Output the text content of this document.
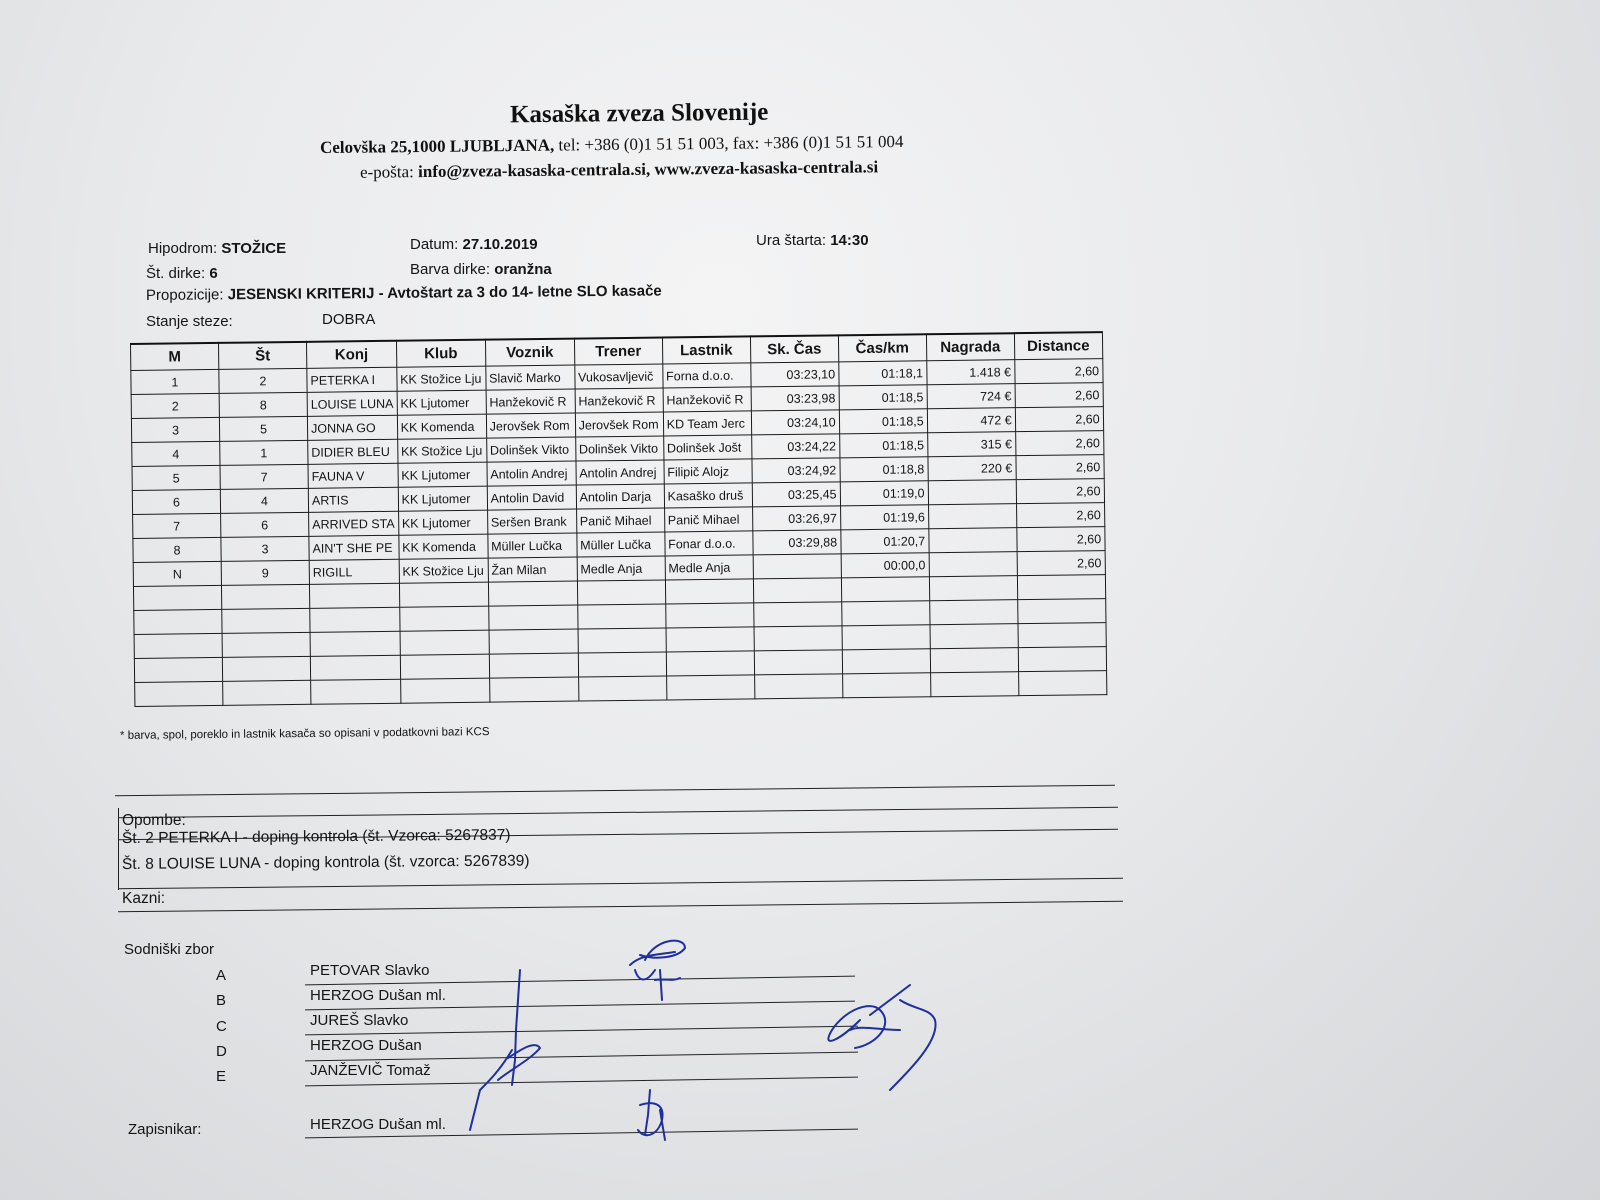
Kasaška zveza Slovenije
Celovška 25,1000 LJUBLJANA, tel: +386 (0)1 51 51 003, fax: +386 (0)1 51 51 004
e-pošta: info@zveza-kasaska-centrala.si, www.zveza-kasaska-centrala.si
Hipodrom: STOŽICE	Datum: 27.10.2019	Ura štarta: 14:30
Št. dirke: 6	Barva dirke: oranžna
Propozicije: JESENSKI KRITERIJ - Avtoštart za 3 do 14- letne SLO kasače
Stanje steze:	DOBRA
M	Št	Konj	Klub	Voznik	Trener	Lastnik	Sk. Čas	Čas/km	Nagrada	Distance
1	2	PETERKA I	KK Stožice Lju	Slavič Marko	Vukosavljevič	Forna d.o.o.	03:23,10	01:18,1	1.418 €	2,60
2	8	LOUISE LUNA	KK Ljutomer	Hanžekovič R	Hanžekovič R	Hanžekovič R	03:23,98	01:18,5	724 €	2,60
3	5	JONNA GO	KK Komenda	Jerovšek Rom	Jerovšek Rom	KD Team Jerc	03:24,10	01:18,5	472 €	2,60
4	1	DIDIER BLEU	KK Stožice Lju	Dolinšek Vikto	Dolinšek Vikto	Dolinšek Jošt	03:24,22	01:18,5	315 €	2,60
5	7	FAUNA V	KK Ljutomer	Antolin Andrej	Antolin Andrej	Filipič Alojz	03:24,92	01:18,8	220 €	2,60
6	4	ARTIS	KK Ljutomer	Antolin David	Antolin Darja	Kasaško druš	03:25,45	01:19,0		2,60
7	6	ARRIVED STA	KK Ljutomer	Seršen Brank	Panič Mihael	Panič Mihael	03:26,97	01:19,6		2,60
8	3	AIN'T SHE PE	KK Komenda	Müller Lučka	Müller Lučka	Fonar d.o.o.	03:29,88	01:20,7		2,60
N	9	RIGILL	KK Stožice Lju	Žan Milan	Medle Anja	Medle Anja		00:00,0		2,60

* barva, spol, poreklo in lastnik kasača so opisani v podatkovni bazi KCS
Opombe:
Št. 2 PETERKA I - doping kontrola (št. Vzorca: 5267837)
Št. 8 LOUISE LUNA - doping kontrola (št. vzorca: 5267839)
Kazni:
Sodniški zbor
A	PETOVAR Slavko
B	HERZOG Dušan ml.
C	JUREŠ Slavko
D	HERZOG Dušan
E	JANŽEVIČ Tomaž
Zapisnikar:	HERZOG Dušan ml.
